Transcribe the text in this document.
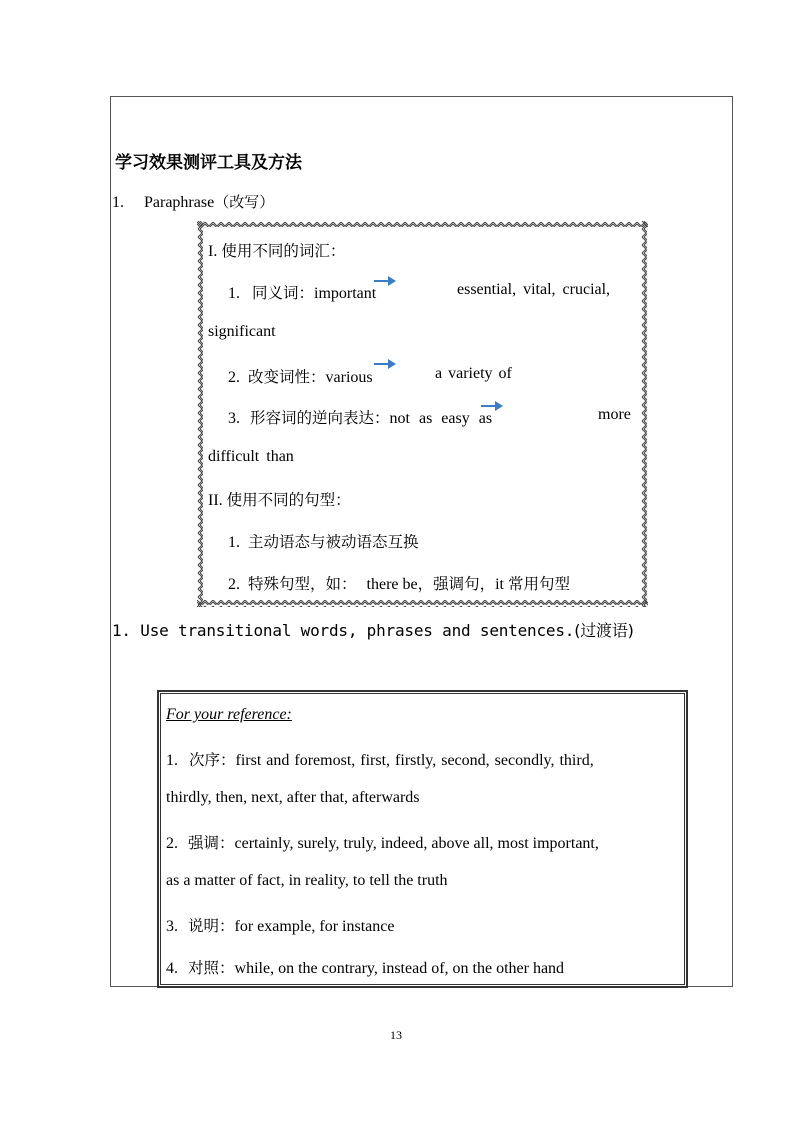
学习效果测评工具及方法
1. Paraphrase（改写）
I. 使用不同的词汇：
1. 同义词：important	essential, vital, crucial,
significant
2. 改变词性：various	a variety of
3. 形容词的逆向表达：not as easy as	more
difficult than
II. 使用不同的句型：
1. 主动语态与被动语态互换
2. 特殊句型，如： there be，强调句，it 常用句型
1. Use transitional words, phrases and sentences.(过渡语)
For your reference:
1. 次序：first and foremost, first, firstly, second, secondly, third,
thirdly, then, next, after that, afterwards
2. 强调：certainly, surely, truly, indeed, above all, most important,
as a matter of fact, in reality, to tell the truth
3. 说明：for example, for instance
4. 对照：while, on the contrary, instead of, on the other hand
13
